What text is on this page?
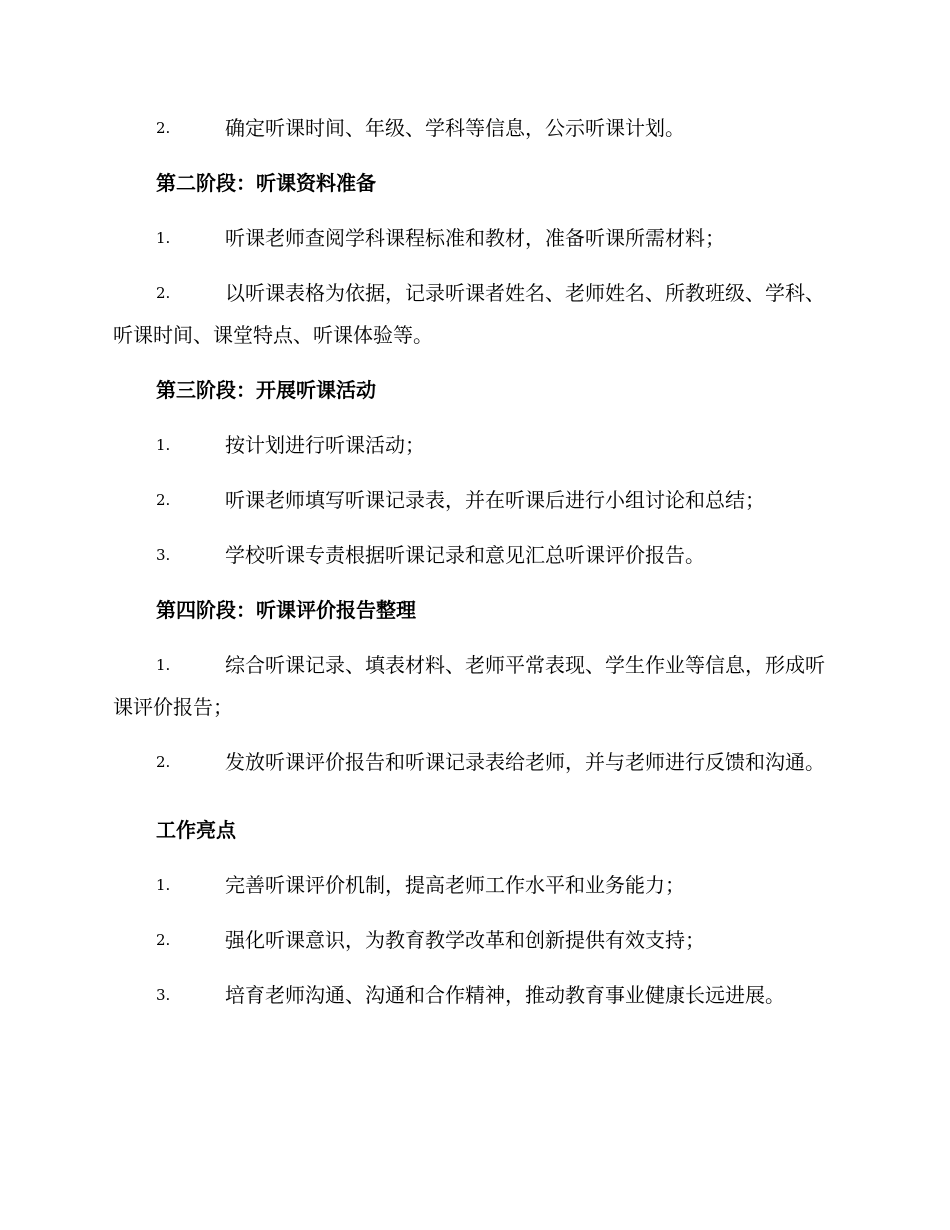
2.	确定听课时间、年级、学科等信息，公示听课计划。
第二阶段：听课资料准备
1.	听课老师查阅学科课程标准和教材，准备听课所需材料；
2.	以听课表格为依据，记录听课者姓名、老师姓名、所教班级、学科、听课时间、课堂特点、听课体验等。
第三阶段：开展听课活动
1.	按计划进行听课活动；
2.	听课老师填写听课记录表，并在听课后进行小组讨论和总结；
3.	学校听课专责根据听课记录和意见汇总听课评价报告。
第四阶段：听课评价报告整理
1.	综合听课记录、填表材料、老师平常表现、学生作业等信息，形成听课评价报告；
2.	发放听课评价报告和听课记录表给老师，并与老师进行反馈和沟通。
工作亮点
1.	完善听课评价机制，提高老师工作水平和业务能力；
2.	强化听课意识，为教育教学改革和创新提供有效支持；
3.	培育老师沟通、沟通和合作精神，推动教育事业健康长远进展。
